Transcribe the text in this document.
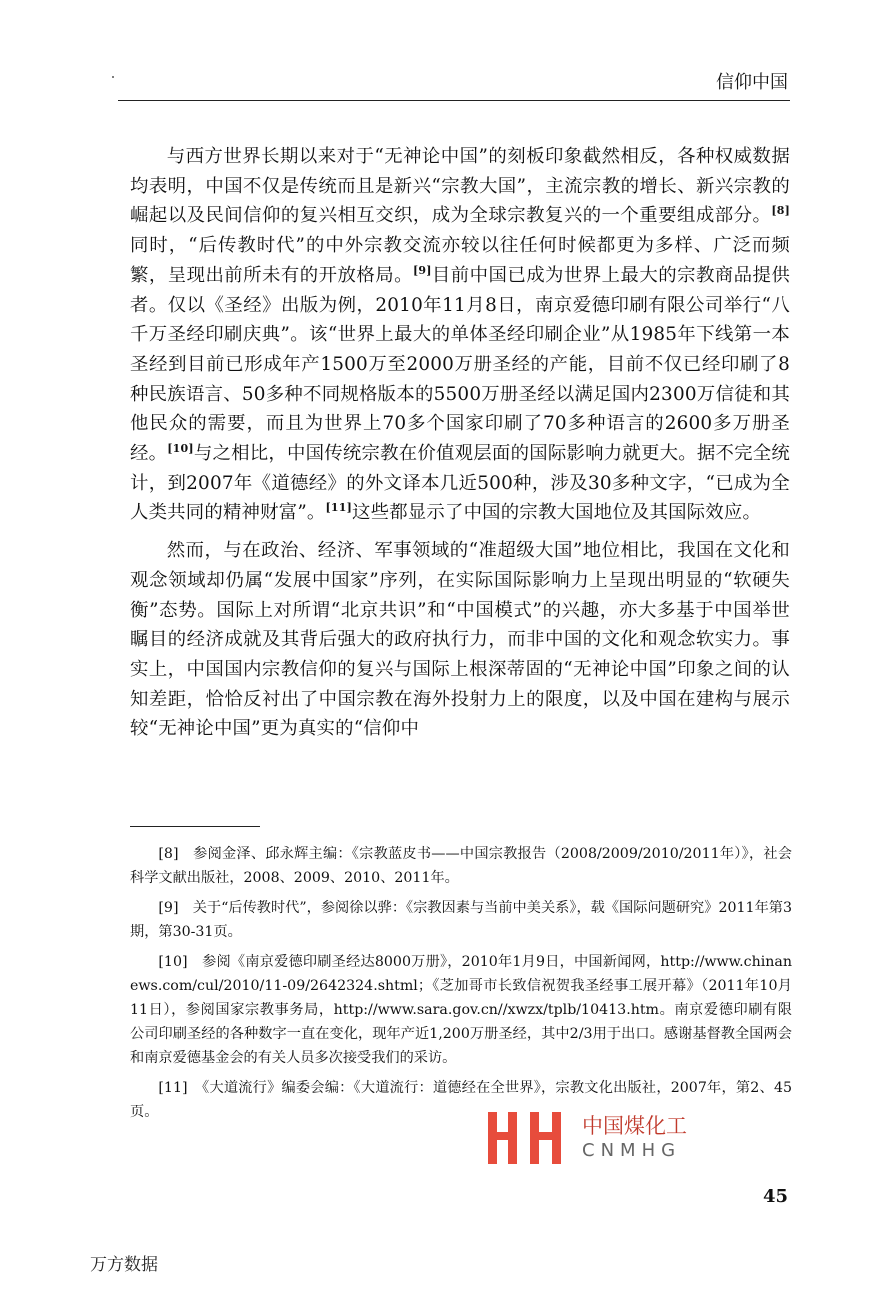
信仰中国

与西方世界长期以来对于“无神论中国”的刻板印象截然相反，各种权威数据均表明，中国不仅是传统而且是新兴“宗教大国”，主流宗教的增长、新兴宗教的崛起以及民间信仰的复兴相互交织，成为全球宗教复兴的一个重要组成部分。[8]同时，“后传教时代”的中外宗教交流亦较以往任何时候都更为多样、广泛而频繁，呈现出前所未有的开放格局。[9]目前中国已成为世界上最大的宗教商品提供者。仅以《圣经》出版为例，2010年11月8日，南京爱德印刷有限公司举行“八千万圣经印刷庆典”。该“世界上最大的单体圣经印刷企业”从1985年下线第一本圣经到目前已形成年产1500万至2000万册圣经的产能，目前不仅已经印刷了8种民族语言、50多种不同规格版本的5500万册圣经以满足国内2300万信徒和其他民众的需要，而且为世界上70多个国家印刷了70多种语言的2600多万册圣经。[10]与之相比，中国传统宗教在价值观层面的国际影响力就更大。据不完全统计，到2007年《道德经》的外文译本几近500种，涉及30多种文字，“已成为全人类共同的精神财富”。[11]这些都显示了中国的宗教大国地位及其国际效应。

然而，与在政治、经济、军事领域的“准超级大国”地位相比，我国在文化和观念领域却仍属“发展中国家”序列，在实际国际影响力上呈现出明显的“软硬失衡”态势。国际上对所谓“北京共识”和“中国模式”的兴趣，亦大多基于中国举世瞩目的经济成就及其背后强大的政府执行力，而非中国的文化和观念软实力。事实上，中国国内宗教信仰的复兴与国际上根深蒂固的“无神论中国”印象之间的认知差距，恰恰反衬出了中国宗教在海外投射力上的限度，以及中国在建构与展示较“无神论中国”更为真实的“信仰中

[8]　参阅金泽、邱永辉主编：《宗教蓝皮书——中国宗教报告（2008/2009/2010/2011年）》，社会科学文献出版社，2008、2009、2010、2011年。

[9]　关于“后传教时代”，参阅徐以骅：《宗教因素与当前中美关系》，载《国际问题研究》2011年第3期，第30-31页。

[10]　参阅《南京爱德印刷圣经达8000万册》，2010年1月9日，中国新闻网，http://www.chinanews.com/cul/2010/11-09/2642324.shtml；《芝加哥市长致信祝贺我圣经事工展开幕》（2011年10月11日），参阅国家宗教事务局，http://www.sara.gov.cn//xwzx/tplb/10413.htm。南京爱德印刷有限公司印刷圣经的各种数字一直在变化，现年产近1,200万册圣经，其中2/3用于出口。感谢基督教全国两会和南京爱德基金会的有关人员多次接受我们的采访。

[11]　《大道流行》编委会编：《大道流行：道德经在全世界》，宗教文化出版社，2007年，第2、45页。

中国煤化工
CNMHG
45
万方数据
